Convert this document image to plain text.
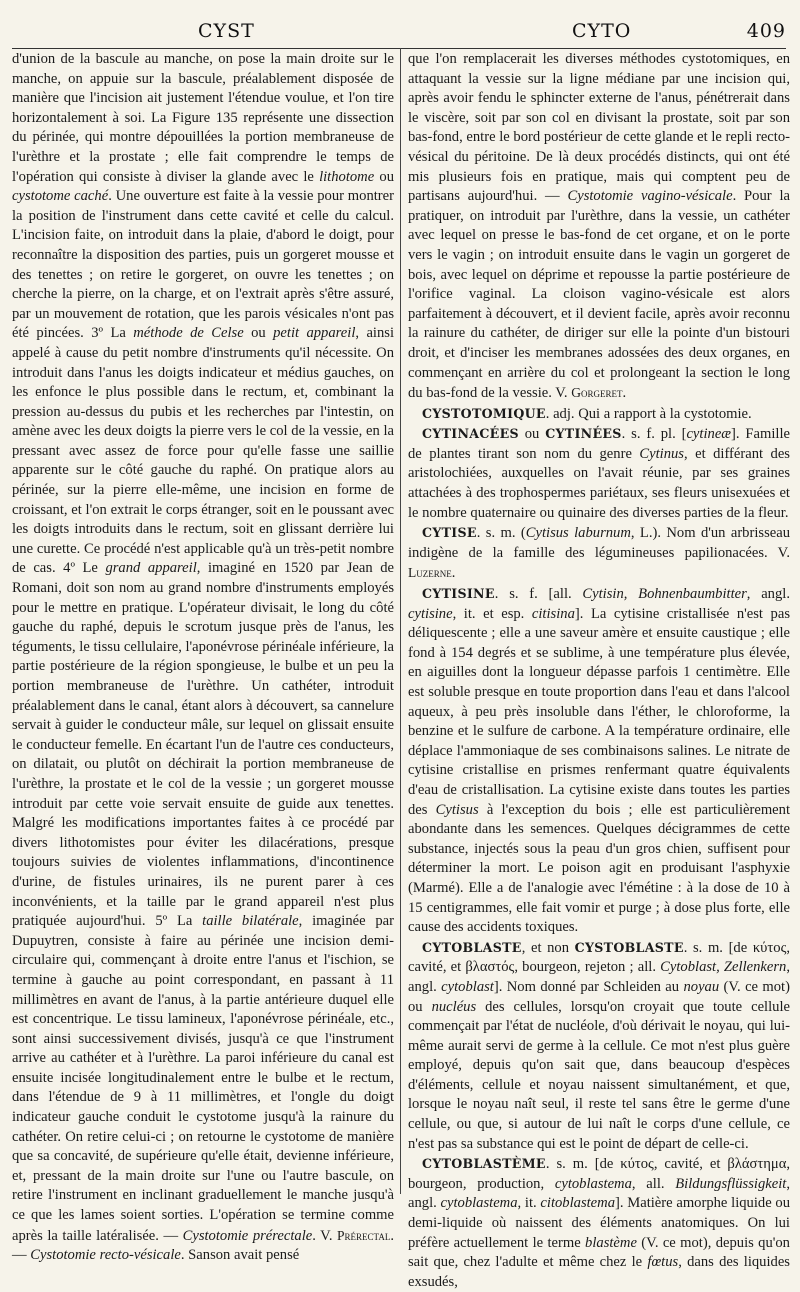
CYST	CYTO	409

d'union de la bascule au manche, on pose la main droite sur le manche, on appuie sur la bascule, préalablement disposée de manière que l'incision ait justement l'étendue voulue, et l'on tire horizontalement à soi. La Figure 135 représente une dissection du périnée, qui montre dépouillées la portion membraneuse de l'urèthre et la prostate ; elle fait comprendre le temps de l'opération qui consiste à diviser la glande avec le lithotome ou cystotome caché. Une ouverture est faite à la vessie pour montrer la position de l'instrument dans cette cavité et celle du calcul. L'incision faite, on introduit dans la plaie, d'abord le doigt, pour reconnaître la disposition des parties, puis un gorgeret mousse et des tenettes ; on retire le gorgeret, on ouvre les tenettes ; on cherche la pierre, on la charge, et on l'extrait après s'être assuré, par un mouvement de rotation, que les parois vésicales n'ont pas été pincées. 3º La méthode de Celse ou petit appareil, ainsi appelé à cause du petit nombre d'instruments qu'il nécessite. On introduit dans l'anus les doigts indicateur et médius gauches, on les enfonce le plus possible dans le rectum, et, combinant la pression au-dessus du pubis et les recherches par l'intestin, on amène avec les deux doigts la pierre vers le col de la vessie, en la pressant avec assez de force pour qu'elle fasse une saillie apparente sur le côté gauche du raphé. On pratique alors au périnée, sur la pierre elle-même, une incision en forme de croissant, et l'on extrait le corps étranger, soit en le poussant avec les doigts introduits dans le rectum, soit en glissant derrière lui une curette. Ce procédé n'est applicable qu'à un très-petit nombre de cas. 4º Le grand appareil, imaginé en 1520 par Jean de Romani, doit son nom au grand nombre d'instruments employés pour le mettre en pratique. L'opérateur divisait, le long du côté gauche du raphé, depuis le scrotum jusque près de l'anus, les téguments, le tissu cellulaire, l'aponévrose périnéale inférieure, la partie postérieure de la région spongieuse, le bulbe et un peu la portion membraneuse de l'urèthre. Un cathéter, introduit préalablement dans le canal, étant alors à découvert, sa cannelure servait à guider le conducteur mâle, sur lequel on glissait ensuite le conducteur femelle. En écartant l'un de l'autre ces conducteurs, on dilatait, ou plutôt on déchirait la portion membraneuse de l'urèthre, la prostate et le col de la vessie ; un gorgeret mousse introduit par cette voie servait ensuite de guide aux tenettes. Malgré les modifications importantes faites à ce procédé par divers lithotomistes pour éviter les dilacérations, presque toujours suivies de violentes inflammations, d'incontinence d'urine, de fistules urinaires, ils ne purent parer à ces inconvénients, et la taille par le grand appareil n'est plus pratiquée aujourd'hui. 5º La taille bilatérale, imaginée par Dupuytren, consiste à faire au périnée une incision demi-circulaire qui, commençant à droite entre l'anus et l'ischion, se termine à gauche au point correspondant, en passant à 11 millimètres en avant de l'anus, à la partie antérieure duquel elle est concentrique. Le tissu lamineux, l'aponévrose périnéale, etc., sont ainsi successivement divisés, jusqu'à ce que l'instrument arrive au cathéter et à l'urèthre. La paroi inférieure du canal est ensuite incisée longitudinalement entre le bulbe et le rectum, dans l'étendue de 9 à 11 millimètres, et l'ongle du doigt indicateur gauche conduit le cystotome jusqu'à la rainure du cathéter. On retire celui-ci ; on retourne le cystotome de manière que sa concavité, de supérieure qu'elle était, devienne inférieure, et, pressant de la main droite sur l'une ou l'autre bascule, on retire l'instrument en inclinant graduellement le manche jusqu'à ce que les lames soient sorties. L'opération se termine comme après la taille latéralisée. — Cystotomie prérectale. V. Prérectal. — Cystotomie recto-vésicale. Sanson avait pensé

que l'on remplacerait les diverses méthodes cystotomiques, en attaquant la vessie sur la ligne médiane par une incision qui, après avoir fendu le sphincter externe de l'anus, pénétrerait dans le viscère, soit par son col en divisant la prostate, soit par son bas-fond, entre le bord postérieur de cette glande et le repli recto-vésical du péritoine. De là deux procédés distincts, qui ont été mis plusieurs fois en pratique, mais qui comptent peu de partisans aujourd'hui. — Cystotomie vagino-vésicale. Pour la pratiquer, on introduit par l'urèthre, dans la vessie, un cathéter avec lequel on presse le bas-fond de cet organe, et on le porte vers le vagin ; on introduit ensuite dans le vagin un gorgeret de bois, avec lequel on déprime et repousse la partie postérieure de l'orifice vaginal. La cloison vagino-vésicale est alors parfaitement à découvert, et il devient facile, après avoir reconnu la rainure du cathéter, de diriger sur elle la pointe d'un bistouri droit, et d'inciser les membranes adossées des deux organes, en commençant en arrière du col et prolongeant la section le long du bas-fond de la vessie. V. Gorgeret.

CYSTOTOMIQUE. adj. Qui a rapport à la cystotomie.

CYTINACÉES ou CYTINÉES. s. f. pl. [cytineæ]. Famille de plantes tirant son nom du genre Cytinus, et différant des aristolochiées, auxquelles on l'avait réunie, par ses graines attachées à des trophospermes pariétaux, ses fleurs unisexuées et le nombre quaternaire ou quinaire des diverses parties de la fleur.

CYTISE. s. m. (Cytisus laburnum, L.). Nom d'un arbrisseau indigène de la famille des légumineuses papilionacées. V. Luzerne.

CYTISINE. s. f. [all. Cytisin, Bohnenbaumbitter, angl. cytisine, it. et esp. citisina]. La cytisine cristallisée n'est pas déliquescente ; elle a une saveur amère et ensuite caustique ; elle fond à 154 degrés et se sublime, à une température plus élevée, en aiguilles dont la longueur dépasse parfois 1 centimètre. Elle est soluble presque en toute proportion dans l'eau et dans l'alcool aqueux, à peu près insoluble dans l'éther, le chloroforme, la benzine et le sulfure de carbone. A la température ordinaire, elle déplace l'ammoniaque de ses combinaisons salines. Le nitrate de cytisine cristallise en prismes renfermant quatre équivalents d'eau de cristallisation. La cytisine existe dans toutes les parties des Cytisus à l'exception du bois ; elle est particulièrement abondante dans les semences. Quelques décigrammes de cette substance, injectés sous la peau d'un gros chien, suffisent pour déterminer la mort. Le poison agit en produisant l'asphyxie (Marmé). Elle a de l'analogie avec l'émétine : à la dose de 10 à 15 centigrammes, elle fait vomir et purge ; à dose plus forte, elle cause des accidents toxiques.

CYTOBLASTE, et non CYSTOBLASTE. s. m. [de κύτος, cavité, et βλαστός, bourgeon, rejeton ; all. Cytoblast, Zellenkern, angl. cytoblast]. Nom donné par Schleiden au noyau (V. ce mot) ou nucléus des cellules, lorsqu'on croyait que toute cellule commençait par l'état de nucléole, d'où dérivait le noyau, qui lui-même aurait servi de germe à la cellule. Ce mot n'est plus guère employé, depuis qu'on sait que, dans beaucoup d'espèces d'éléments, cellule et noyau naissent simultanément, et que, lorsque le noyau naît seul, il reste tel sans être le germe d'une cellule, ou que, si autour de lui naît le corps d'une cellule, ce n'est pas sa substance qui est le point de départ de celle-ci.

CYTOBLASTÈME. s. m. [de κύτος, cavité, et βλάστημα, bourgeon, production, cytoblastema, all. Bildungsflüssigkeit, angl. cytoblastema, it. citoblastema]. Matière amorphe liquide ou demi-liquide où naissent des éléments anatomiques. On lui préfère actuellement le terme blastème (V. ce mot), depuis qu'on sait que, chez l'adulte et même chez le fœtus, dans des liquides exsudés,
